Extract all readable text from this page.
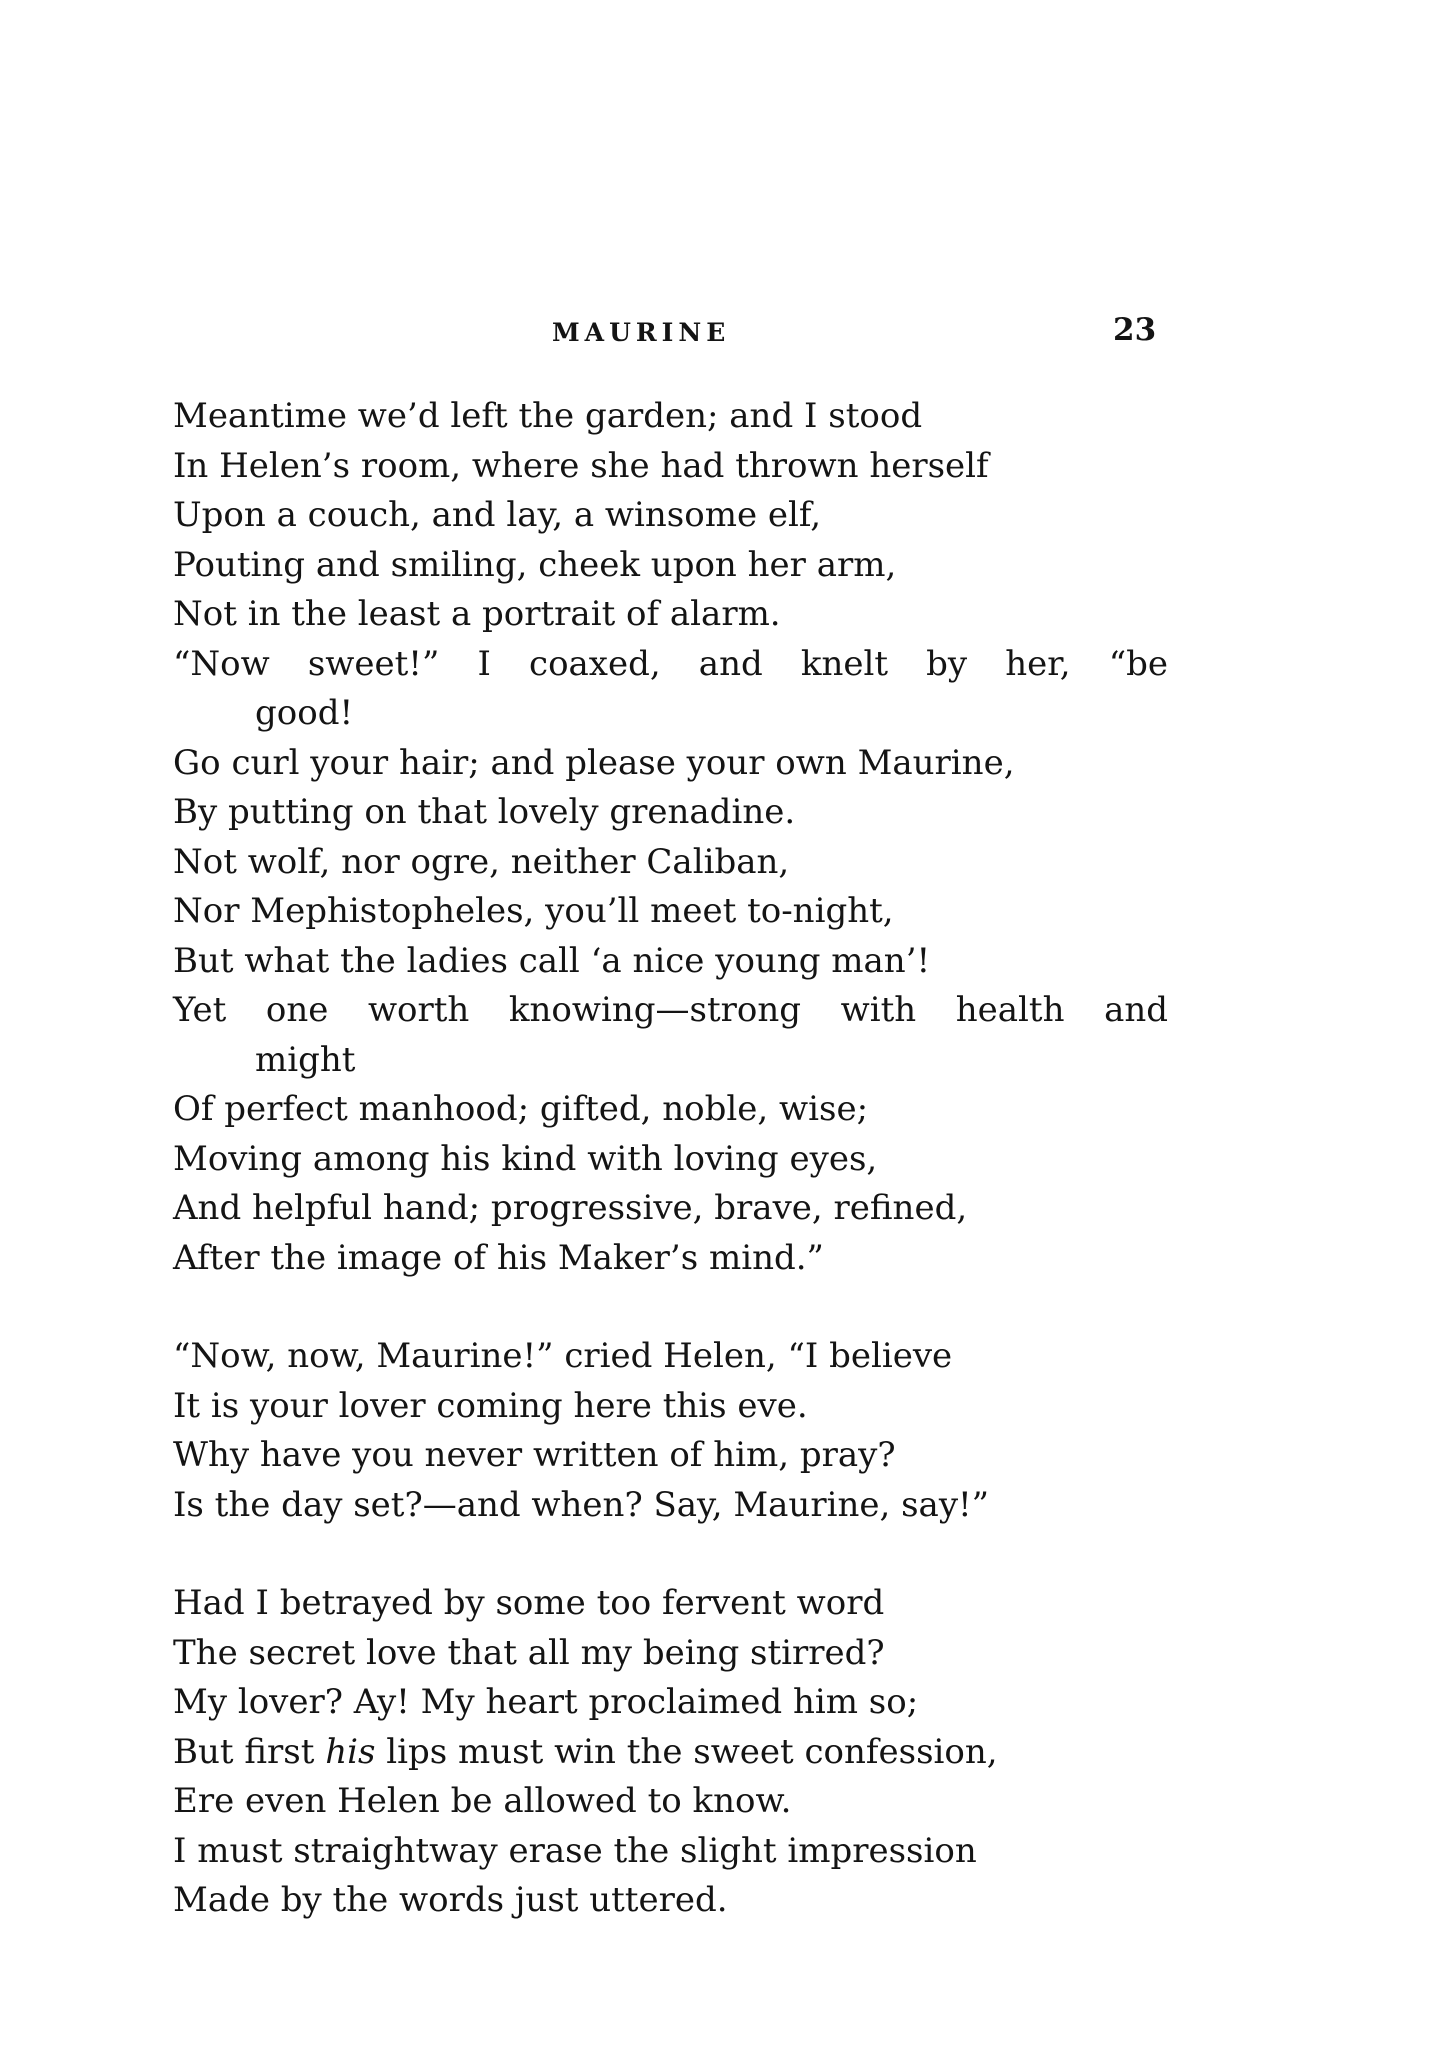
MAURINE	23
Meantime we’d left the garden; and I stood
In Helen’s room, where she had thrown herself
Upon a couch, and lay, a winsome elf,
Pouting and smiling, cheek upon her arm,
Not in the least a portrait of alarm.
“Now sweet!” I coaxed, and knelt by her, “be
good!
Go curl your hair; and please your own Maurine,
By putting on that lovely grenadine.
Not wolf, nor ogre, neither Caliban,
Nor Mephistopheles, you’ll meet to-night,
But what the ladies call ‘a nice young man’!
Yet one worth knowing—strong with health and
might
Of perfect manhood; gifted, noble, wise;
Moving among his kind with loving eyes,
And helpful hand; progressive, brave, refined,
After the image of his Maker’s mind.”
“Now, now, Maurine!” cried Helen, “I believe
It is your lover coming here this eve.
Why have you never written of him, pray?
Is the day set?—and when? Say, Maurine, say!”
Had I betrayed by some too fervent word
The secret love that all my being stirred?
My lover? Ay! My heart proclaimed him so;
But first his lips must win the sweet confession,
Ere even Helen be allowed to know.
I must straightway erase the slight impression
Made by the words just uttered.
